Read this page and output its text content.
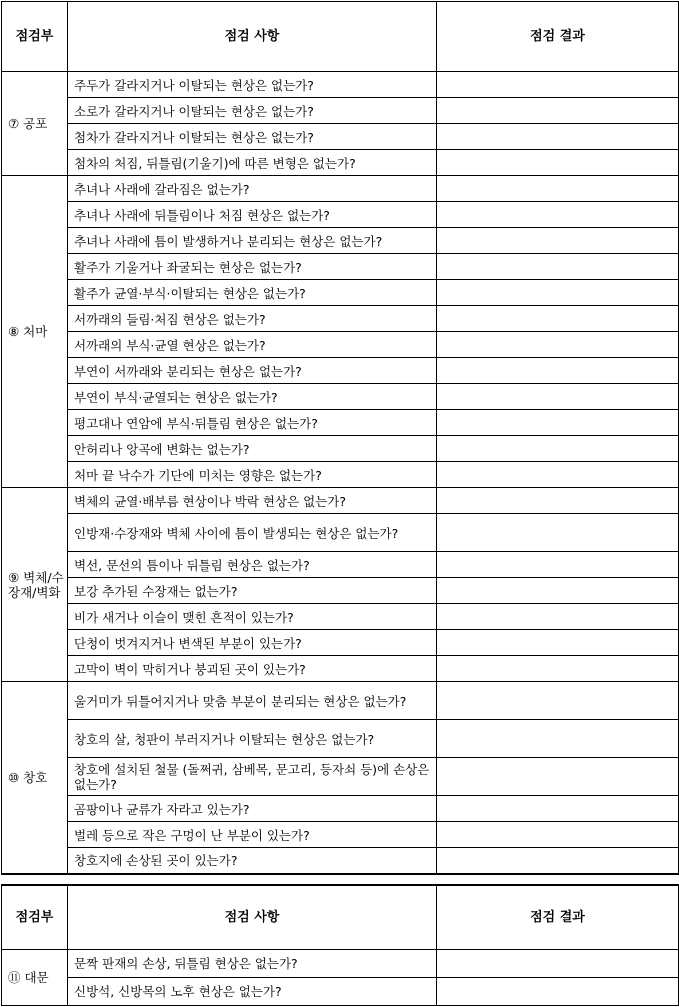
점검부	점검 사항	점검 결과
⑦ 공포	주두가 갈라지거나 이탈되는 현상은 없는가?	
	소로가 갈라지거나 이탈되는 현상은 없는가?	
	첨차가 갈라지거나 이탈되는 현상은 없는가?	
	첨차의 처짐, 뒤틀림(기울기)에 따른 변형은 없는가?	
⑧ 처마	추녀나 사래에 갈라짐은 없는가?	
	추녀나 사래에 뒤틀림이나 처짐 현상은 없는가?	
	추녀나 사래에 틈이 발생하거나 분리되는 현상은 없는가?	
	활주가 기울거나 좌굴되는 현상은 없는가?	
	활주가 균열·부식·이탈되는 현상은 없는가?	
	서까래의 들림·처짐 현상은 없는가?	
	서까래의 부식·균열 현상은 없는가?	
	부연이 서까래와 분리되는 현상은 없는가?	
	부연이 부식·균열되는 현상은 없는가?	
	평고대나 연암에 부식·뒤틀림 현상은 없는가?	
	안허리나 앙곡에 변화는 없는가?	
	처마 끝 낙수가 기단에 미치는 영향은 없는가?	
⑨ 벽체/수장재/벽화	벽체의 균열·배부름 현상이나 박락 현상은 없는가?	
	인방재·수장재와 벽체 사이에 틈이 발생되는 현상은 없는가?	
	벽선, 문선의 틈이나 뒤틀림 현상은 없는가?	
	보강 추가된 수장재는 없는가?	
	비가 새거나 이슬이 맺힌 흔적이 있는가?	
	단청이 벗겨지거나 변색된 부분이 있는가?	
	고막이 벽이 막히거나 붕괴된 곳이 있는가?	
⑩ 창호	울거미가 뒤틀어지거나 맞춤 부분이 분리되는 현상은 없는가?	
	창호의 살, 청판이 부러지거나 이탈되는 현상은 없는가?	
	창호에 설치된 철물 (돌쩌귀, 삼베목, 문고리, 등자쇠 등)에 손상은 없는가?	
	곰팡이나 균류가 자라고 있는가?	
	벌레 등으로 작은 구멍이 난 부분이 있는가?	
	창호지에 손상된 곳이 있는가?	
점검부	점검 사항	점검 결과
⑪ 대문	문짝 판재의 손상, 뒤틀림 현상은 없는가?	
	신방석, 신방목의 노후 현상은 없는가?	
